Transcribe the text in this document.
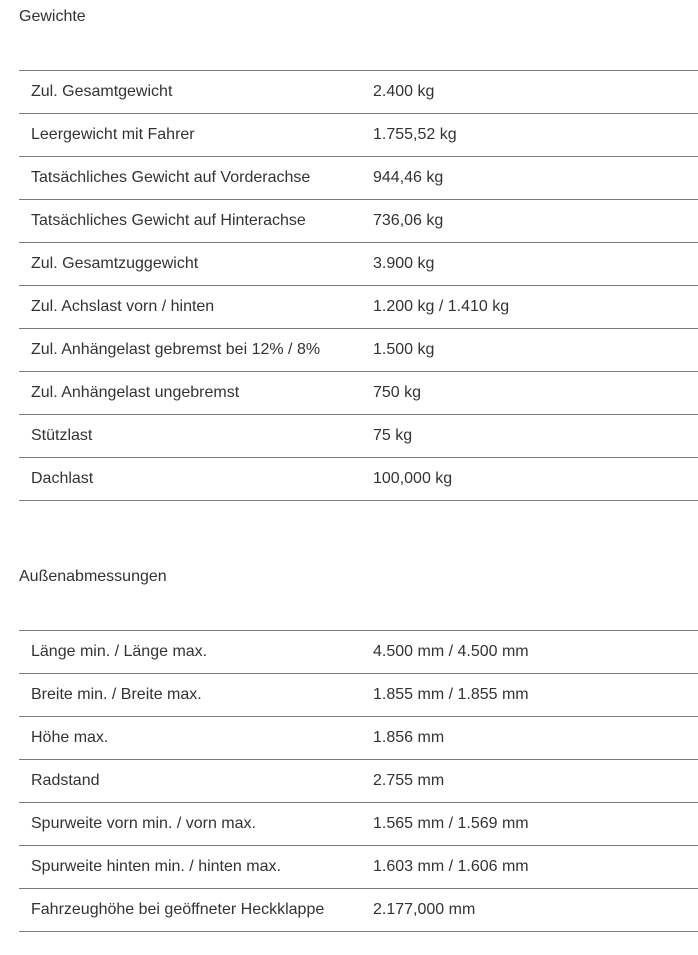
Gewichte
Zul. Gesamtgewicht	2.400 kg
Leergewicht mit Fahrer	1.755,52 kg
Tatsächliches Gewicht auf Vorderachse	944,46 kg
Tatsächliches Gewicht auf Hinterachse	736,06 kg
Zul. Gesamtzuggewicht	3.900 kg
Zul. Achslast vorn / hinten	1.200 kg / 1.410 kg
Zul. Anhängelast gebremst bei 12% / 8%	1.500 kg
Zul. Anhängelast ungebremst	750 kg
Stützlast	75 kg
Dachlast	100,000 kg
Außenabmessungen
Länge min. / Länge max.	4.500 mm / 4.500 mm
Breite min. / Breite max.	1.855 mm / 1.855 mm
Höhe max.	1.856 mm
Radstand	2.755 mm
Spurweite vorn min. / vorn max.	1.565 mm / 1.569 mm
Spurweite hinten min. / hinten max.	1.603 mm / 1.606 mm
Fahrzeughöhe bei geöffneter Heckklappe	2.177,000 mm
